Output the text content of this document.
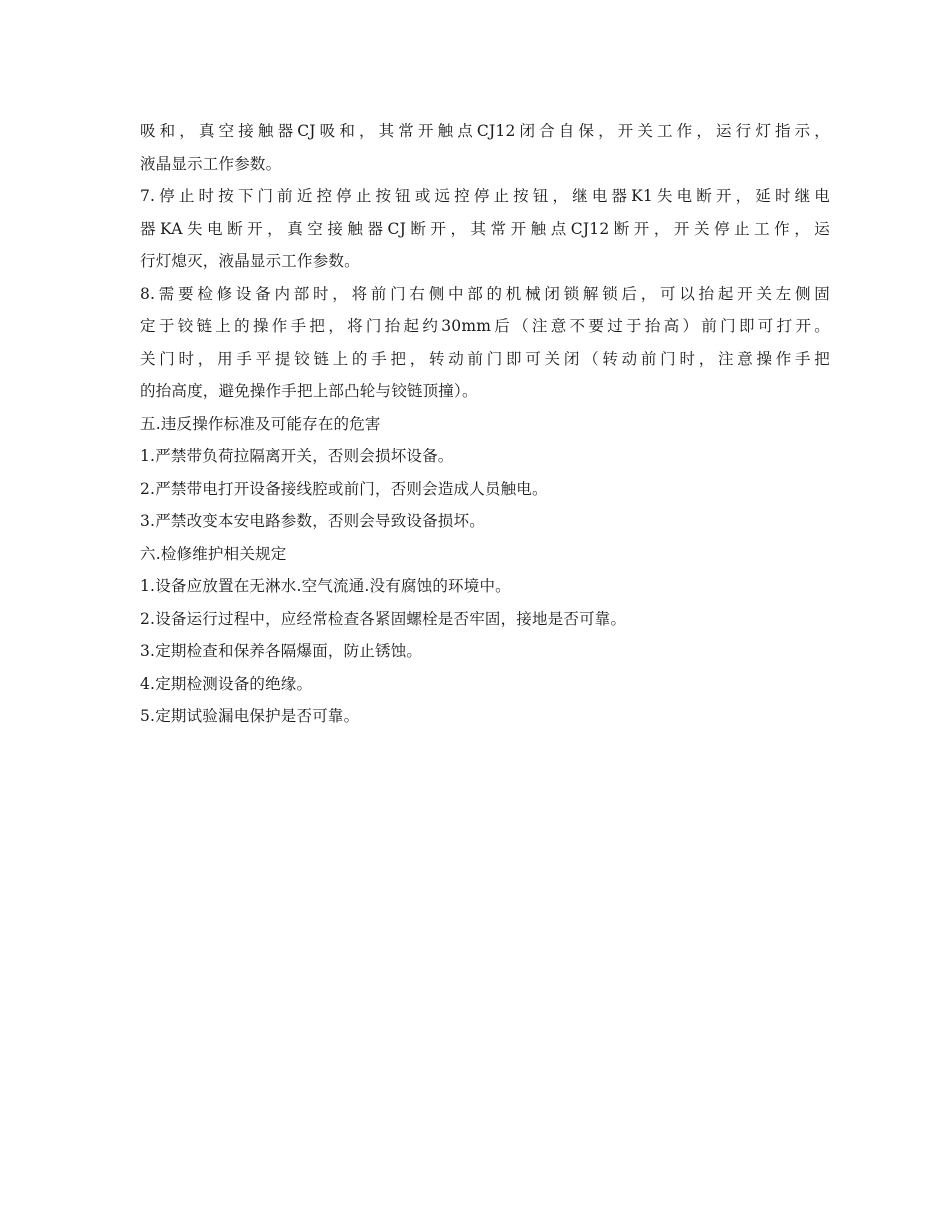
吸和，真空接触器CJ吸和，其常开触点CJ12闭合自保，开关工作，运行灯指示，
液晶显示工作参数。
7.停止时按下门前近控停止按钮或远控停止按钮，继电器K1失电断开，延时继电
器KA失电断开，真空接触器CJ断开，其常开触点CJ12断开，开关停止工作，运
行灯熄灭，液晶显示工作参数。
8.需要检修设备内部时，将前门右侧中部的机械闭锁解锁后，可以抬起开关左侧固
定于铰链上的操作手把，将门抬起约30mm后（注意不要过于抬高）前门即可打开。
关门时，用手平提铰链上的手把，转动前门即可关闭（转动前门时，注意操作手把
的抬高度，避免操作手把上部凸轮与铰链顶撞）。
五.违反操作标准及可能存在的危害
1.严禁带负荷拉隔离开关，否则会损坏设备。
2.严禁带电打开设备接线腔或前门，否则会造成人员触电。
3.严禁改变本安电路参数，否则会导致设备损坏。
六.检修维护相关规定
1.设备应放置在无淋水.空气流通.没有腐蚀的环境中。
2.设备运行过程中，应经常检查各紧固螺栓是否牢固，接地是否可靠。
3.定期检查和保养各隔爆面，防止锈蚀。
4.定期检测设备的绝缘。
5.定期试验漏电保护是否可靠。
